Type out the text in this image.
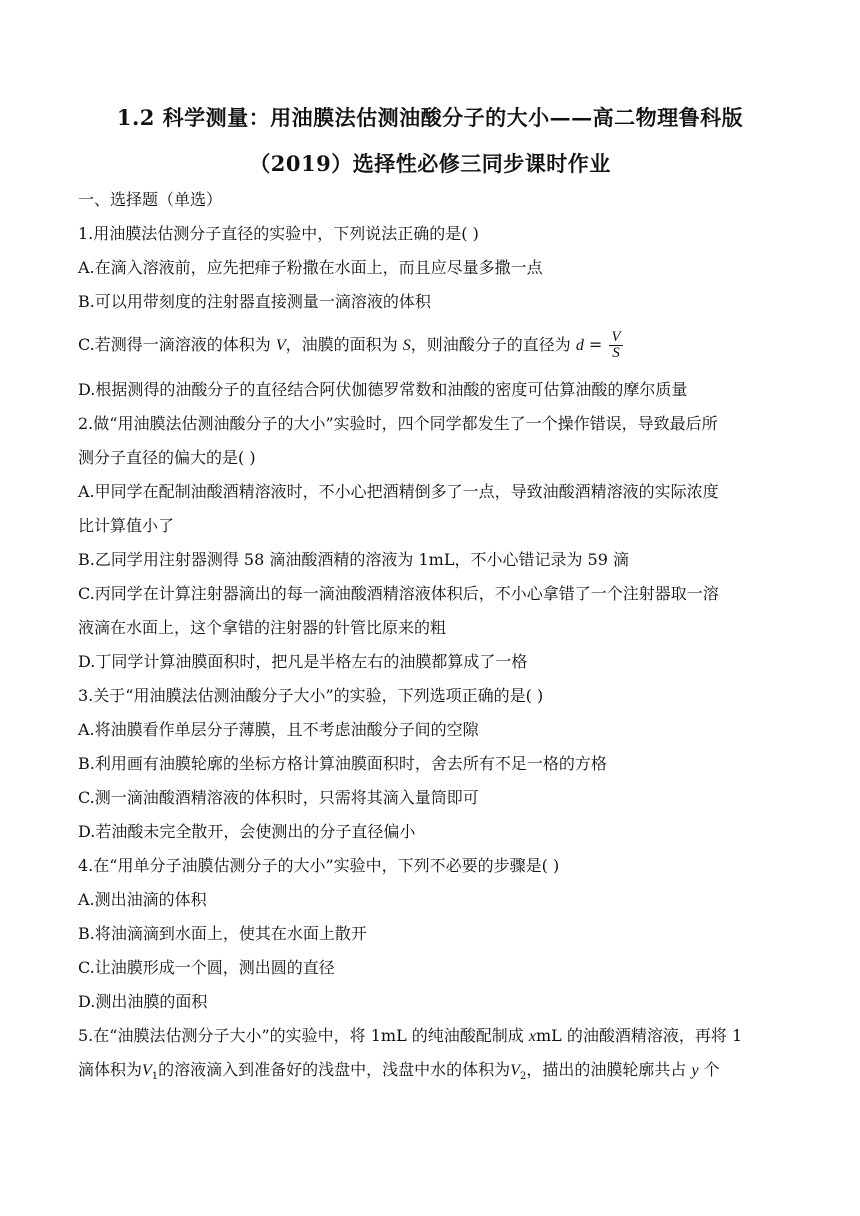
1.2 科学测量：用油膜法估测油酸分子的大小——高二物理鲁科版
（2019）选择性必修三同步课时作业
一、选择题（单选）
1.用油膜法估测分子直径的实验中，下列说法正确的是( )
A.在滴入溶液前，应先把痱子粉撒在水面上，而且应尽量多撒一点
B.可以用带刻度的注射器直接测量一滴溶液的体积
C.若测得一滴溶液的体积为 V，油膜的面积为 S，则油酸分子的直径为 $d = \frac{V}{S}$
D.根据测得的油酸分子的直径结合阿伏伽德罗常数和油酸的密度可估算油酸的摩尔质量
2.做“用油膜法估测油酸分子的大小”实验时，四个同学都发生了一个操作错误，导致最后所
测分子直径的偏大的是( )
A.甲同学在配制油酸酒精溶液时，不小心把酒精倒多了一点，导致油酸酒精溶液的实际浓度
比计算值小了
B.乙同学用注射器测得 58 滴油酸酒精的溶液为 1mL，不小心错记录为 59 滴
C.丙同学在计算注射器滴出的每一滴油酸酒精溶液体积后，不小心拿错了一个注射器取一溶
液滴在水面上，这个拿错的注射器的针管比原来的粗
D.丁同学计算油膜面积时，把凡是半格左右的油膜都算成了一格
3.关于“用油膜法估测油酸分子大小”的实验，下列选项正确的是( )
A.将油膜看作单层分子薄膜，且不考虑油酸分子间的空隙
B.利用画有油膜轮廓的坐标方格计算油膜面积时，舍去所有不足一格的方格
C.测一滴油酸酒精溶液的体积时，只需将其滴入量筒即可
D.若油酸未完全散开，会使测出的分子直径偏小
4.在“用单分子油膜估测分子的大小”实验中，下列不必要的步骤是( )
A.测出油滴的体积
B.将油滴滴到水面上，使其在水面上散开
C.让油膜形成一个圆，测出圆的直径
D.测出油膜的面积
5.在“油膜法估测分子大小”的实验中，将 1mL 的纯油酸配制成 xmL 的油酸酒精溶液，再将 1
滴体积为$V_1$的溶液滴入到准备好的浅盘中，浅盘中水的体积为$V_2$，描出的油膜轮廓共占 y 个
